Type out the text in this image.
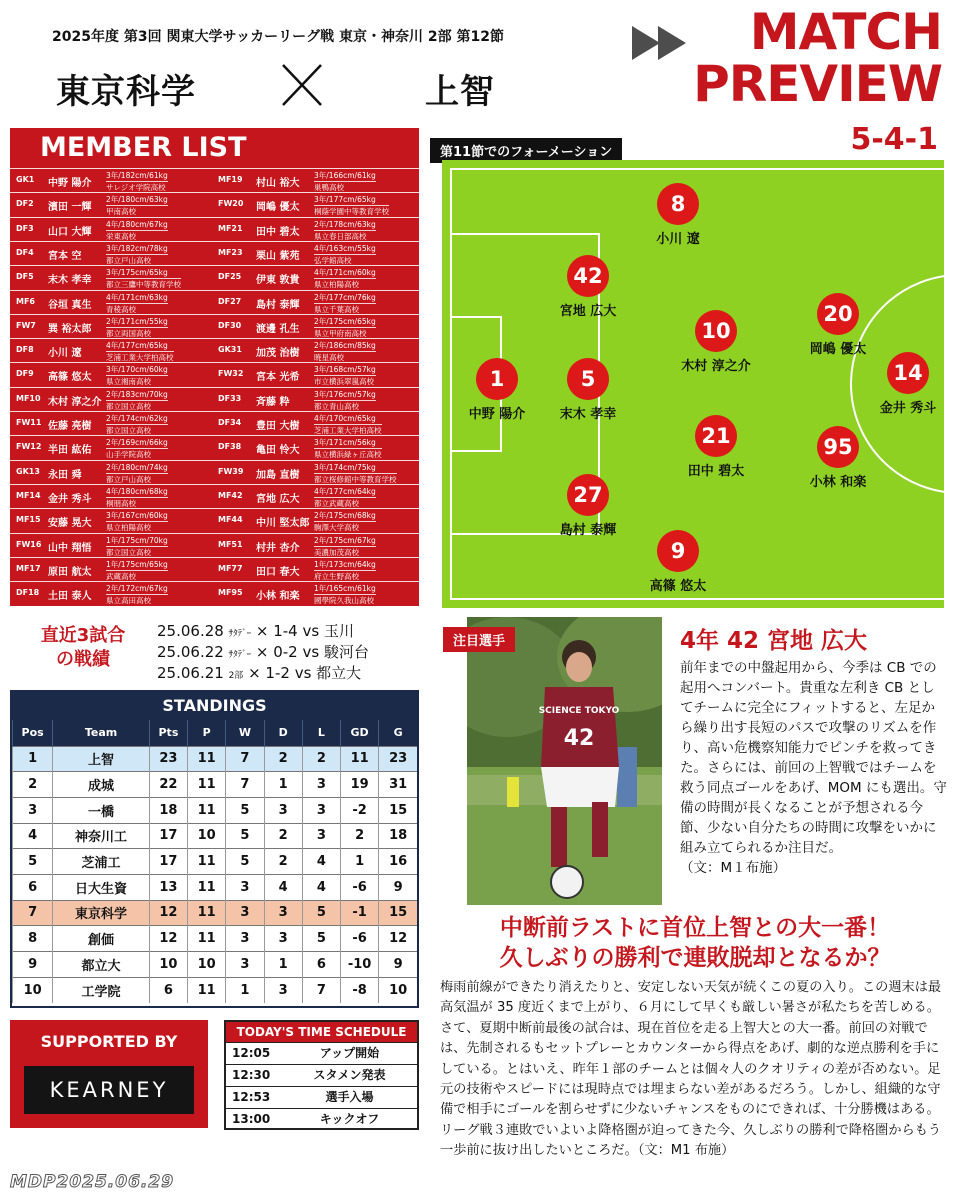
2025年度 第3回 関東大学サッカーリーグ戦 東京・神奈川 2部 第12節
東京科学	上智
MATCH
PREVIEW
5-4-1
MEMBER LIST
GK1 中野 陽介
3年/182cm/61kg
サレジオ学院高校
DF2 濱田 一輝
2年/180cm/63kg
甲南高校
DF3 山口 大輝
4年/180cm/67kg
栄東高校
DF4 宮本 空
3年/182cm/78kg
都立戸山高校
DF5 末木 孝幸
3年/175cm/65kg
都立三鷹中等教育学校
MF6 谷垣 真生
4年/171cm/63kg
青稜高校
FW7 巽 裕太郎
2年/171cm/55kg
都立両国高校
DF8 小川 遼
4年/177cm/65kg
芝浦工業大学柏高校
DF9 高篠 悠太
3年/170cm/60kg
県立湘南高校
MF10 木村 淳之介
2年/183cm/70kg
都立国立高校
FW11 佐藤 亮樹
2年/174cm/62kg
都立国立高校
FW12 半田 紘佑
2年/169cm/66kg
山手学院高校
GK13 永田 舜
2年/180cm/74kg
都立戸山高校
MF14 金井 秀斗
4年/180cm/68kg
桐朋高校
MF15 安藤 晃大
3年/167cm/60kg
県立柏陽高校
FW16 山中 翔悟
1年/175cm/70kg
都立国立高校
MF17 原田 航太
1年/175cm/65kg
武蔵高校
DF18 土田 泰人
2年/172cm/67kg
県立高田高校
MF19 村山 裕大
3年/166cm/61kg
巣鴨高校
FW20 岡嶋 優太
3年/177cm/65kg
桐蔭学園中等教育学校
MF21 田中 碧太
2年/178cm/63kg
県立春日部高校
MF23 栗山 紫苑
4年/163cm/55kg
弘学館高校
DF25 伊東 敦貴
4年/171cm/60kg
県立柏陽高校
DF27 島村 泰輝
2年/177cm/76kg
県立千葉高校
DF30 渡邊 孔生
2年/175cm/65kg
県立甲府南高校
GK31 加茂 治樹
2年/186cm/85kg
暁星高校
FW32 宮本 光希
3年/168cm/57kg
市立横浜翠嵐高校
DF33 斉藤 粋
3年/176cm/57kg
都立青山高校
DF34 豊田 大樹
4年/170cm/65kg
芝浦工業大学柏高校
DF38 亀田 怜大
3年/171cm/56kg
県立横浜緑ヶ丘高校
FW39 加島 直樹
3年/174cm/75kg
都立桜修館中等教育学校
MF42 宮地 広大
4年/177cm/64kg
都立武蔵高校
MF44 中川 堅太郎
2年/175cm/68kg
駒澤大学高校
MF51 村井 杏介
2年/175cm/67kg
美濃加茂高校
MF77 田口 春大
1年/173cm/64kg
府立生野高校
MF95 小林 和楽
1年/165cm/61kg
國學院久我山高校
第11節でのフォーメーション
8
小川 遼
42
宮地 広大
10
木村 淳之介
20
岡嶋 優太
1
中野 陽介
5
末木 孝幸
14
金井 秀斗
21
田中 碧太
95
小林 和楽
27
島村 泰輝
9
高篠 悠太
直近3試合
の戦績
25.06.28 ｻﾀﾃﾞｰ × 1-4 vs 玉川
25.06.22 ｻﾀﾃﾞｰ × 0-2 vs 駿河台
25.06.21 2部 × 1-2 vs 都立大
STANDINGS
Pos	Team	Pts	P	W	D	L	GD	G
1	上智	23	11	7	2	2	11	23
2	成城	22	11	7	1	3	19	31
3	一橋	18	11	5	3	3	-2	15
4	神奈川工	17	10	5	2	3	2	18
5	芝浦工	17	11	5	2	4	1	16
6	日大生資	13	11	3	4	4	-6	9
7	東京科学	12	11	3	3	5	-1	15
8	創価	12	11	3	3	5	-6	12
9	都立大	10	10	3	1	6	-10	9
10	工学院	6	11	1	3	7	-8	10
SUPPORTED BY
KEARNEY
TODAY'S TIME SCHEDULE
12:05	アップ開始
12:30	スタメン発表
12:53	選手入場
13:00	キックオフ
MDP2025.06.29
SCIENCE TOKYO
42
注目選手	4年 42 宮地 広大
前年までの中盤起用から、今季は CB での起用へコンバート。貴重な左利き CB としてチームに完全にフィットすると、左足から繰り出す長短のパスで攻撃のリズムを作り、高い危機察知能力でピンチを救ってきた。さらには、前回の上智戦ではチームを救う同点ゴールをあげ、MOM にも選出。守備の時間が長くなることが予想される今節、少ない自分たちの時間に攻撃をいかに組み立てられるか注目だ。
（文：M１布施）
中断前ラストに首位上智との大一番！
久しぶりの勝利で連敗脱却となるか？
梅雨前線ができたり消えたりと、安定しない天気が続くこの夏の入り。この週末は最高気温が 35 度近くまで上がり、６月にして早くも厳しい暑さが私たちを苦しめる。さて、夏期中断前最後の試合は、現在首位を走る上智大との大一番。前回の対戦では、先制されるもセットプレーとカウンターから得点をあげ、劇的な逆点勝利を手にしている。とはいえ、昨年１部のチームとは個々人のクオリティの差が否めない。足元の技術やスピードには現時点では埋まらない差があるだろう。しかし、組織的な守備で相手にゴールを割らせずに少ないチャンスをものにできれば、十分勝機はある。リーグ戦３連敗でいよいよ降格圏が迫ってきた今、久しぶりの勝利で降格圏からもう一歩前に抜け出したいところだ。（文：M1 布施）
